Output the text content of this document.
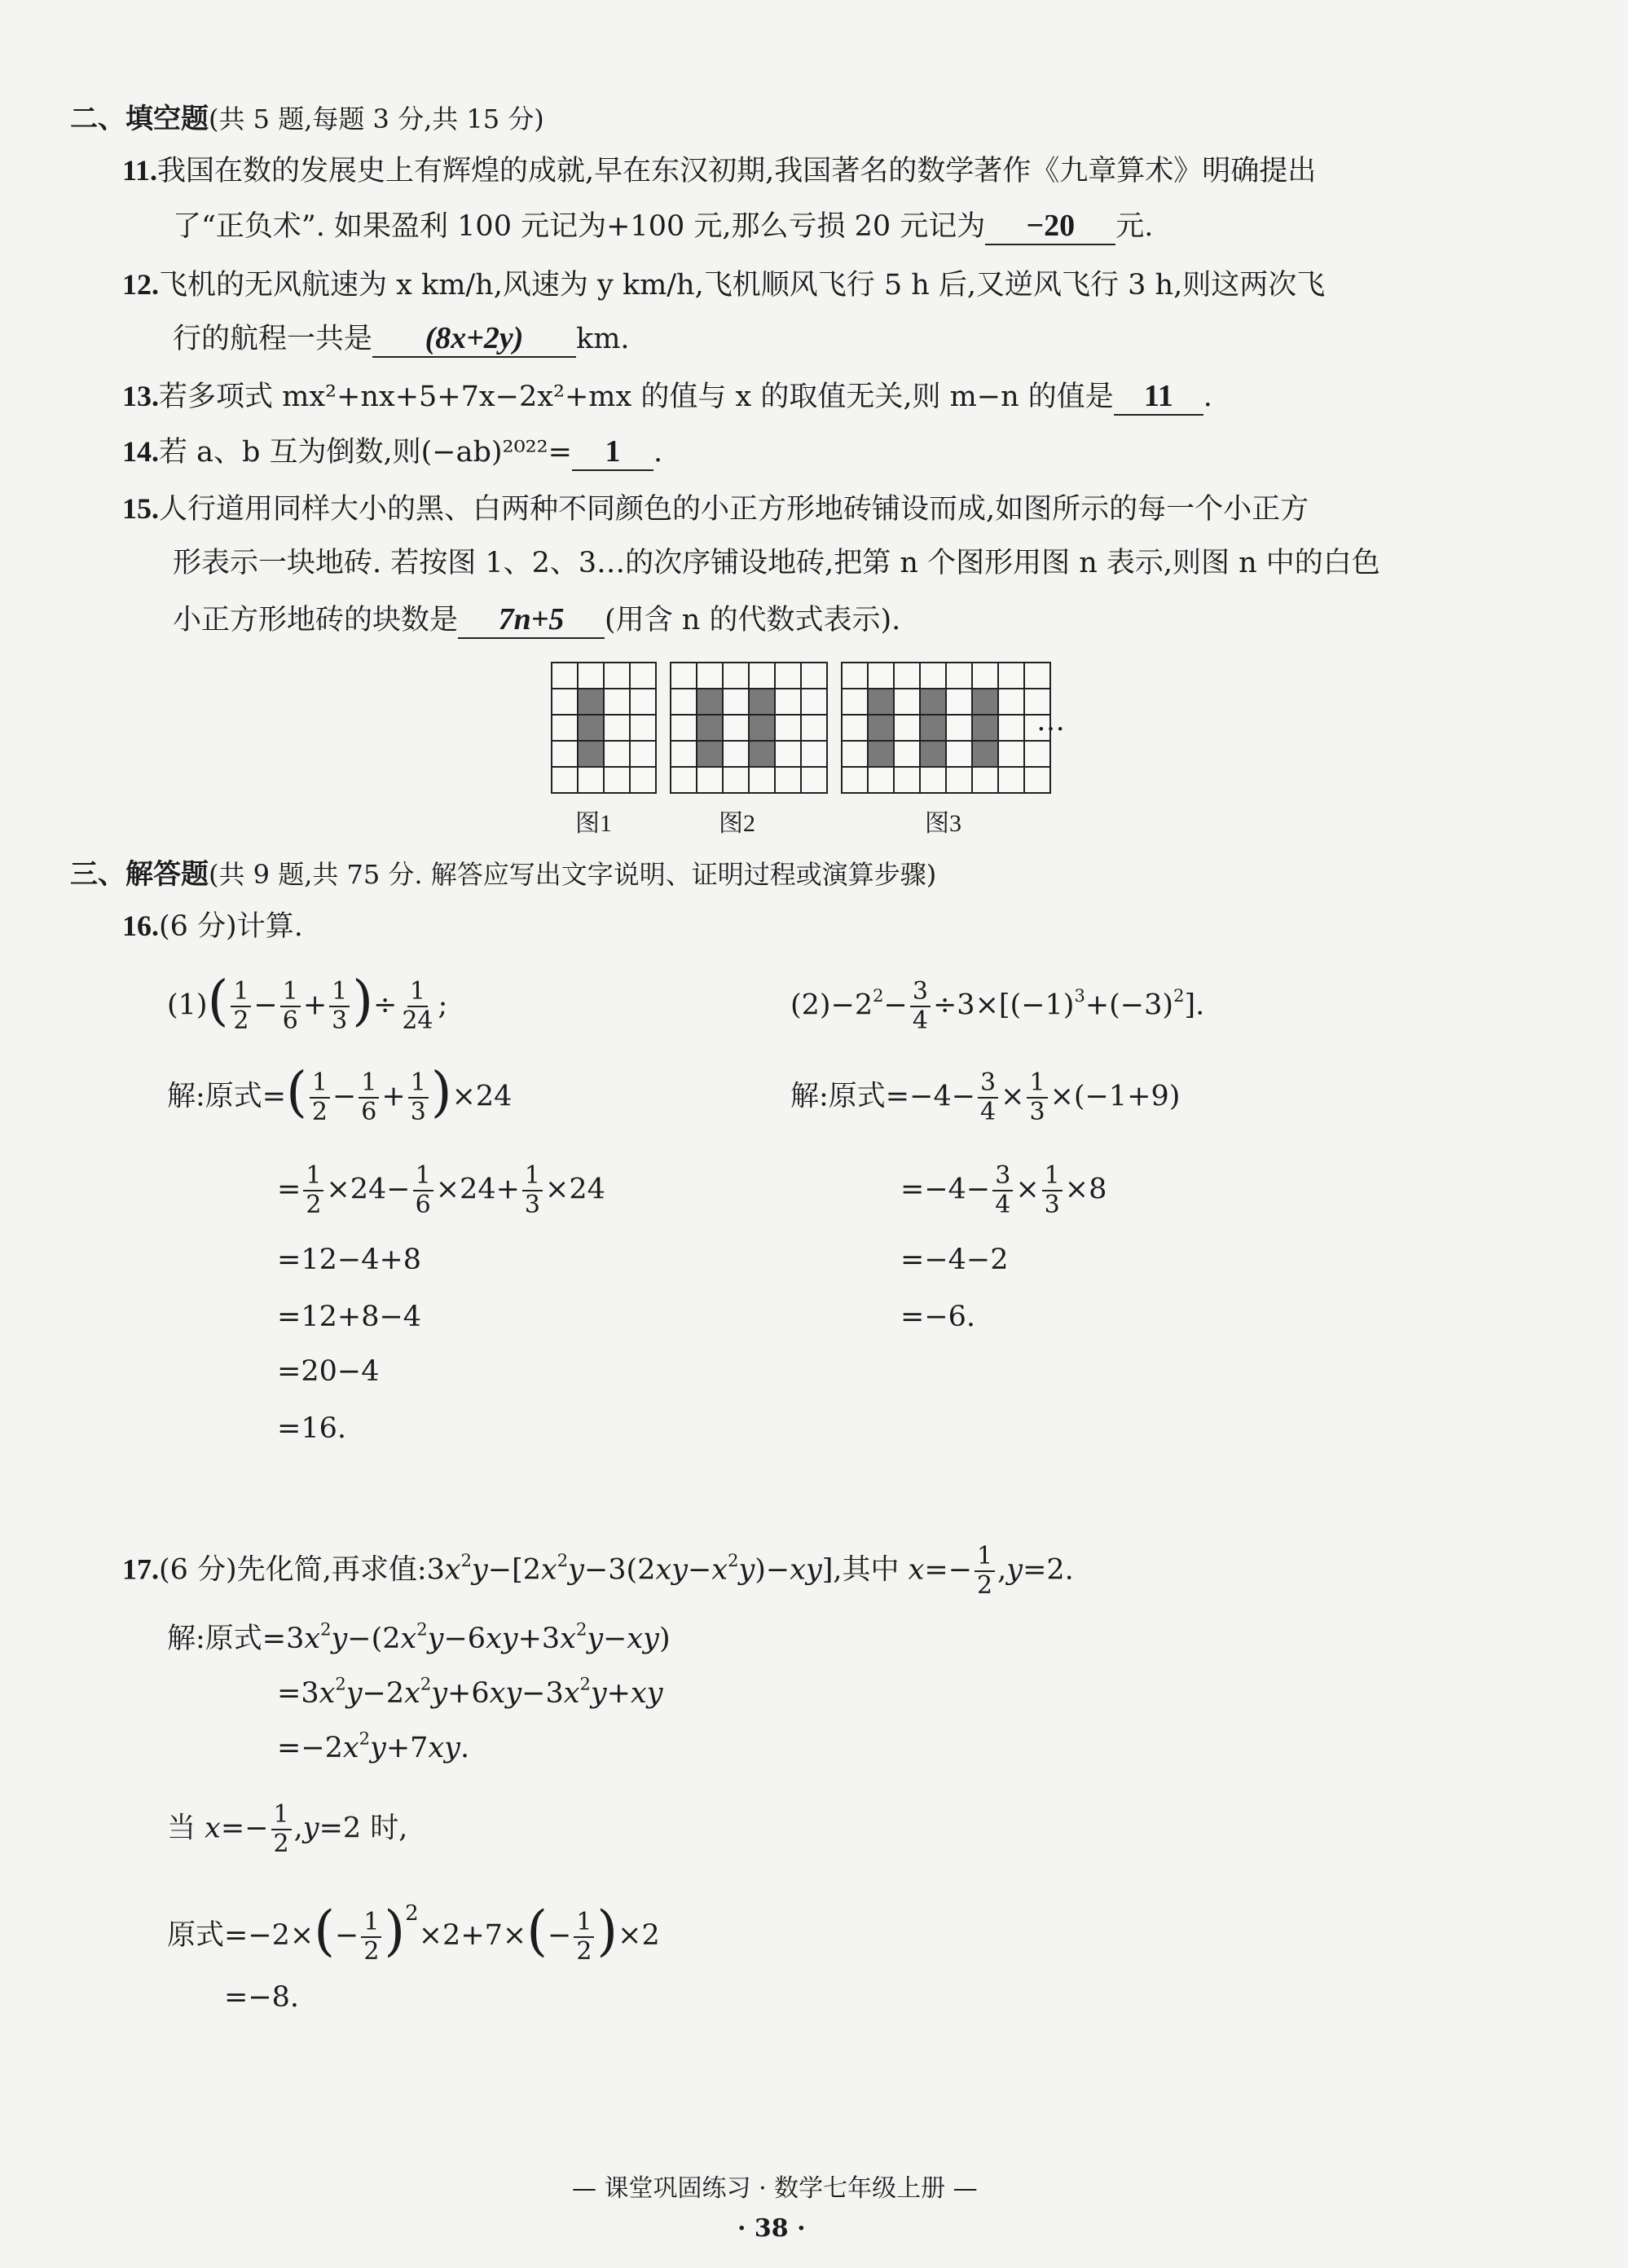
二、填空题(共 5 题,每题 3 分,共 15 分)
11.我国在数的发展史上有辉煌的成就,早在东汉初期,我国著名的数学著作《九章算术》明确提出
了“正负术”. 如果盈利 100 元记为+100 元,那么亏损 20 元记为 −20 元.
12.飞机的无风航速为 x km/h,风速为 y km/h,飞机顺风飞行 5 h 后,又逆风飞行 3 h,则这两次飞
行的航程一共是 (8x+2y) km.
13.若多项式 mx²+nx+5+7x−2x²+mx 的值与 x 的取值无关,则 m−n 的值是 11 .
14.若 a、b 互为倒数,则(−ab)²⁰²²= 1 .
15.人行道用同样大小的黑、白两种不同颜色的小正方形地砖铺设而成,如图所示的每一个小正方
形表示一块地砖. 若按图 1、2、3…的次序铺设地砖,把第 n 个图形用图 n 表示,则图 n 中的白色
小正方形地砖的块数是 7n+5 (用含 n 的代数式表示).
图1	图2	图3
…
三、解答题(共 9 题,共 75 分. 解答应写出文字说明、证明过程或演算步骤)
16.(6 分)计算.
$(1)( \frac{1}{2} - \frac{1}{6} + \frac{1}{3}$ )÷ $\frac{1}{24}$ ;
解:原式=( $\frac{1}{2} - \frac{1}{6} + \frac{1}{3} )\times 24$
= $\frac{1}{2} \times 24- \frac{1}{6} \times 24+ \frac{1}{3} \times 24$
=12−4+8
=12+8−4
=20−4
=16.
$(2)-2^2- \frac{3}{4} \div 3\times[(-1)^3+(-3)^2]$.
解:原式$=-4- \frac{3}{4} \times \frac{1}{3} \times(-1+9)$
$=-4- \frac{3}{4} \times \frac{1}{3} \times 8$
=−4−2
=−6.
17.(6 分)先化简,再求值$:3x^2y-[2x^2y-3(2xy-x^2y)-xy]$,其中 $x=- \frac{1}{2} ,y=2$.
解:原式$=3x^2y-(2x^2y-6xy+3x^2y-xy)$
$=3x^2y-2x^2y+6xy-3x^2y+xy$
$=-2x^2y+7xy$.
当 $x=- \frac{1}{2} ,y=2$ 时,
原式$=-2\times(- \frac{1}{2} )^2\times 2+7\times(- \frac{1}{2} )\times 2$
=−8.
— 课堂巩固练习 · 数学七年级上册 —
· 38 ·
